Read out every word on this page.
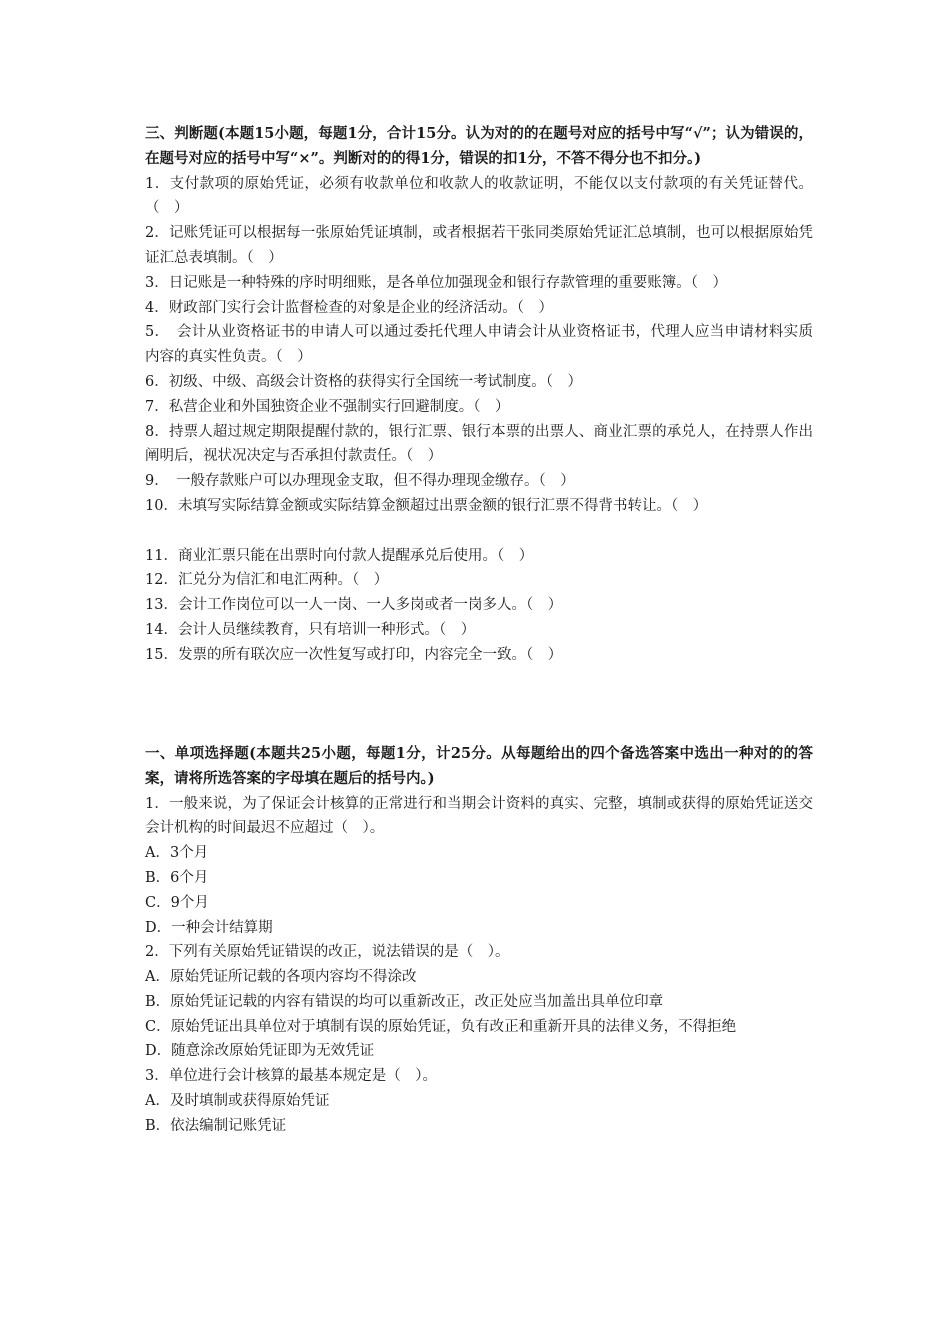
三、判断题(本题15小题，每题1分，合计15分。认为对的的在题号对应的括号中写“√”；认为错误的，在题号对应的括号中写“×”。判断对的的得1分，错误的扣1分，不答不得分也不扣分。)

1．支付款项的原始凭证，必须有收款单位和收款人的收款证明，不能仅以支付款项的有关凭证替代。（　）

2．记账凭证可以根据每一张原始凭证填制，或者根据若干张同类原始凭证汇总填制，也可以根据原始凭证汇总表填制。（　）

3．日记账是一种特殊的序时明细账，是各单位加强现金和银行存款管理的重要账簿。（　）

4．财政部门实行会计监督检查的对象是企业的经济活动。（　）

5．　会计从业资格证书的申请人可以通过委托代理人申请会计从业资格证书，代理人应当申请材料实质内容的真实性负责。（　）

6．初级、中级、高级会计资格的获得实行全国统一考试制度。（　）

7．私营企业和外国独资企业不强制实行回避制度。（　）

8．持票人超过规定期限提醒付款的，银行汇票、银行本票的出票人、商业汇票的承兑人，在持票人作出阐明后，视状况决定与否承担付款责任。（　）

9．　一般存款账户可以办理现金支取，但不得办理现金缴存。（　）

10．未填写实际结算金额或实际结算金额超过出票金额的银行汇票不得背书转让。（　）

11．商业汇票只能在出票时向付款人提醒承兑后使用。（　）

12．汇兑分为信汇和电汇两种。（　）

13．会计工作岗位可以一人一岗、一人多岗或者一岗多人。（　）

14．会计人员继续教育，只有培训一种形式。（　）

15．发票的所有联次应一次性复写或打印，内容完全一致。（　）

一、单项选择题(本题共25小题，每题1分，计25分。从每题给出的四个备选答案中选出一种对的的答案，请将所选答案的字母填在题后的括号内。)

1．一般来说，为了保证会计核算的正常进行和当期会计资料的真实、完整，填制或获得的原始凭证送交会计机构的时间最迟不应超过（　）。

A．3个月

B．6个月

C．9个月

D．一种会计结算期

2．下列有关原始凭证错误的改正，说法错误的是（　）。

A．原始凭证所记载的各项内容均不得涂改

B．原始凭证记载的内容有错误的均可以重新改正，改正处应当加盖出具单位印章

C．原始凭证出具单位对于填制有误的原始凭证，负有改正和重新开具的法律义务，不得拒绝

D．随意涂改原始凭证即为无效凭证

3．单位进行会计核算的最基本规定是（　）。

A．及时填制或获得原始凭证

B．依法编制记账凭证
